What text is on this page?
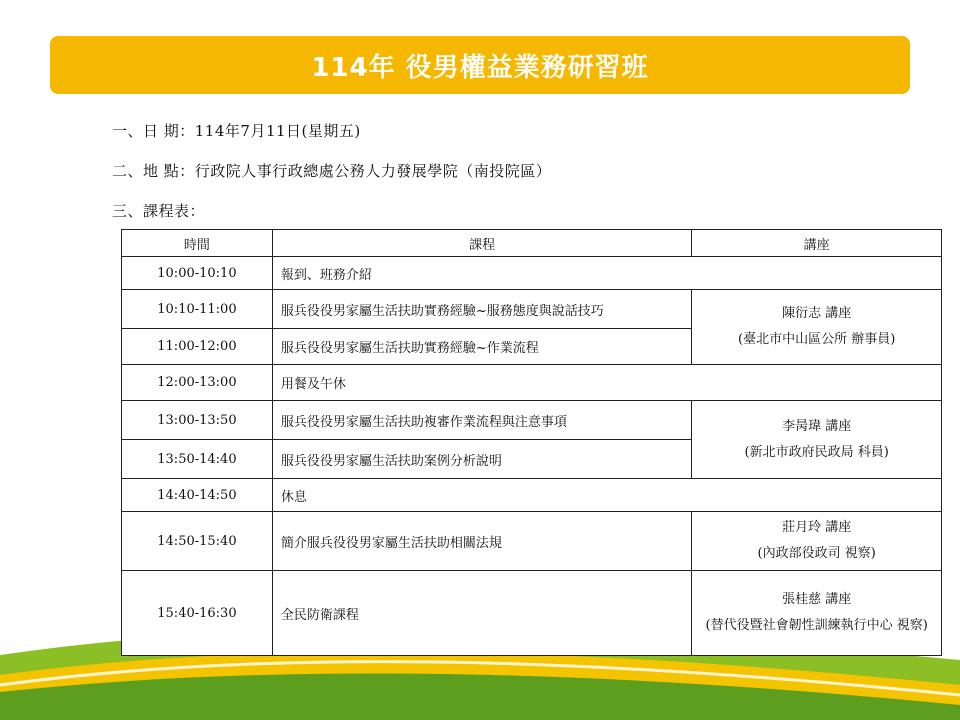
114年 役男權益業務研習班
一、日 期：114年7月11日(星期五)
二、地 點：行政院人事行政總處公務人力發展學院（南投院區）
三、課程表：
時間	課程	講座
10:00-10:10	報到、班務介紹	
10:10-11:00	服兵役役男家屬生活扶助實務經驗~服務態度與說話技巧	陳衍志 講座
(臺北市中山區公所 辦事員)

11:00-12:00	服兵役役男家屬生活扶助實務經驗~作業流程	
12:00-13:00	用餐及午休	
13:00-13:50	服兵役役男家屬生活扶助複審作業流程與注意事項	李昺瑋 講座
(新北市政府民政局 科員)

13:50-14:40	服兵役役男家屬生活扶助案例分析說明	
14:40-14:50	休息	
14:50-15:40	簡介服兵役役男家屬生活扶助相關法規	莊月玲 講座
(內政部役政司 視察)

15:40-16:30	全民防衛課程	張桂慈 講座
(替代役暨社會韌性訓練執行中心 視察)
